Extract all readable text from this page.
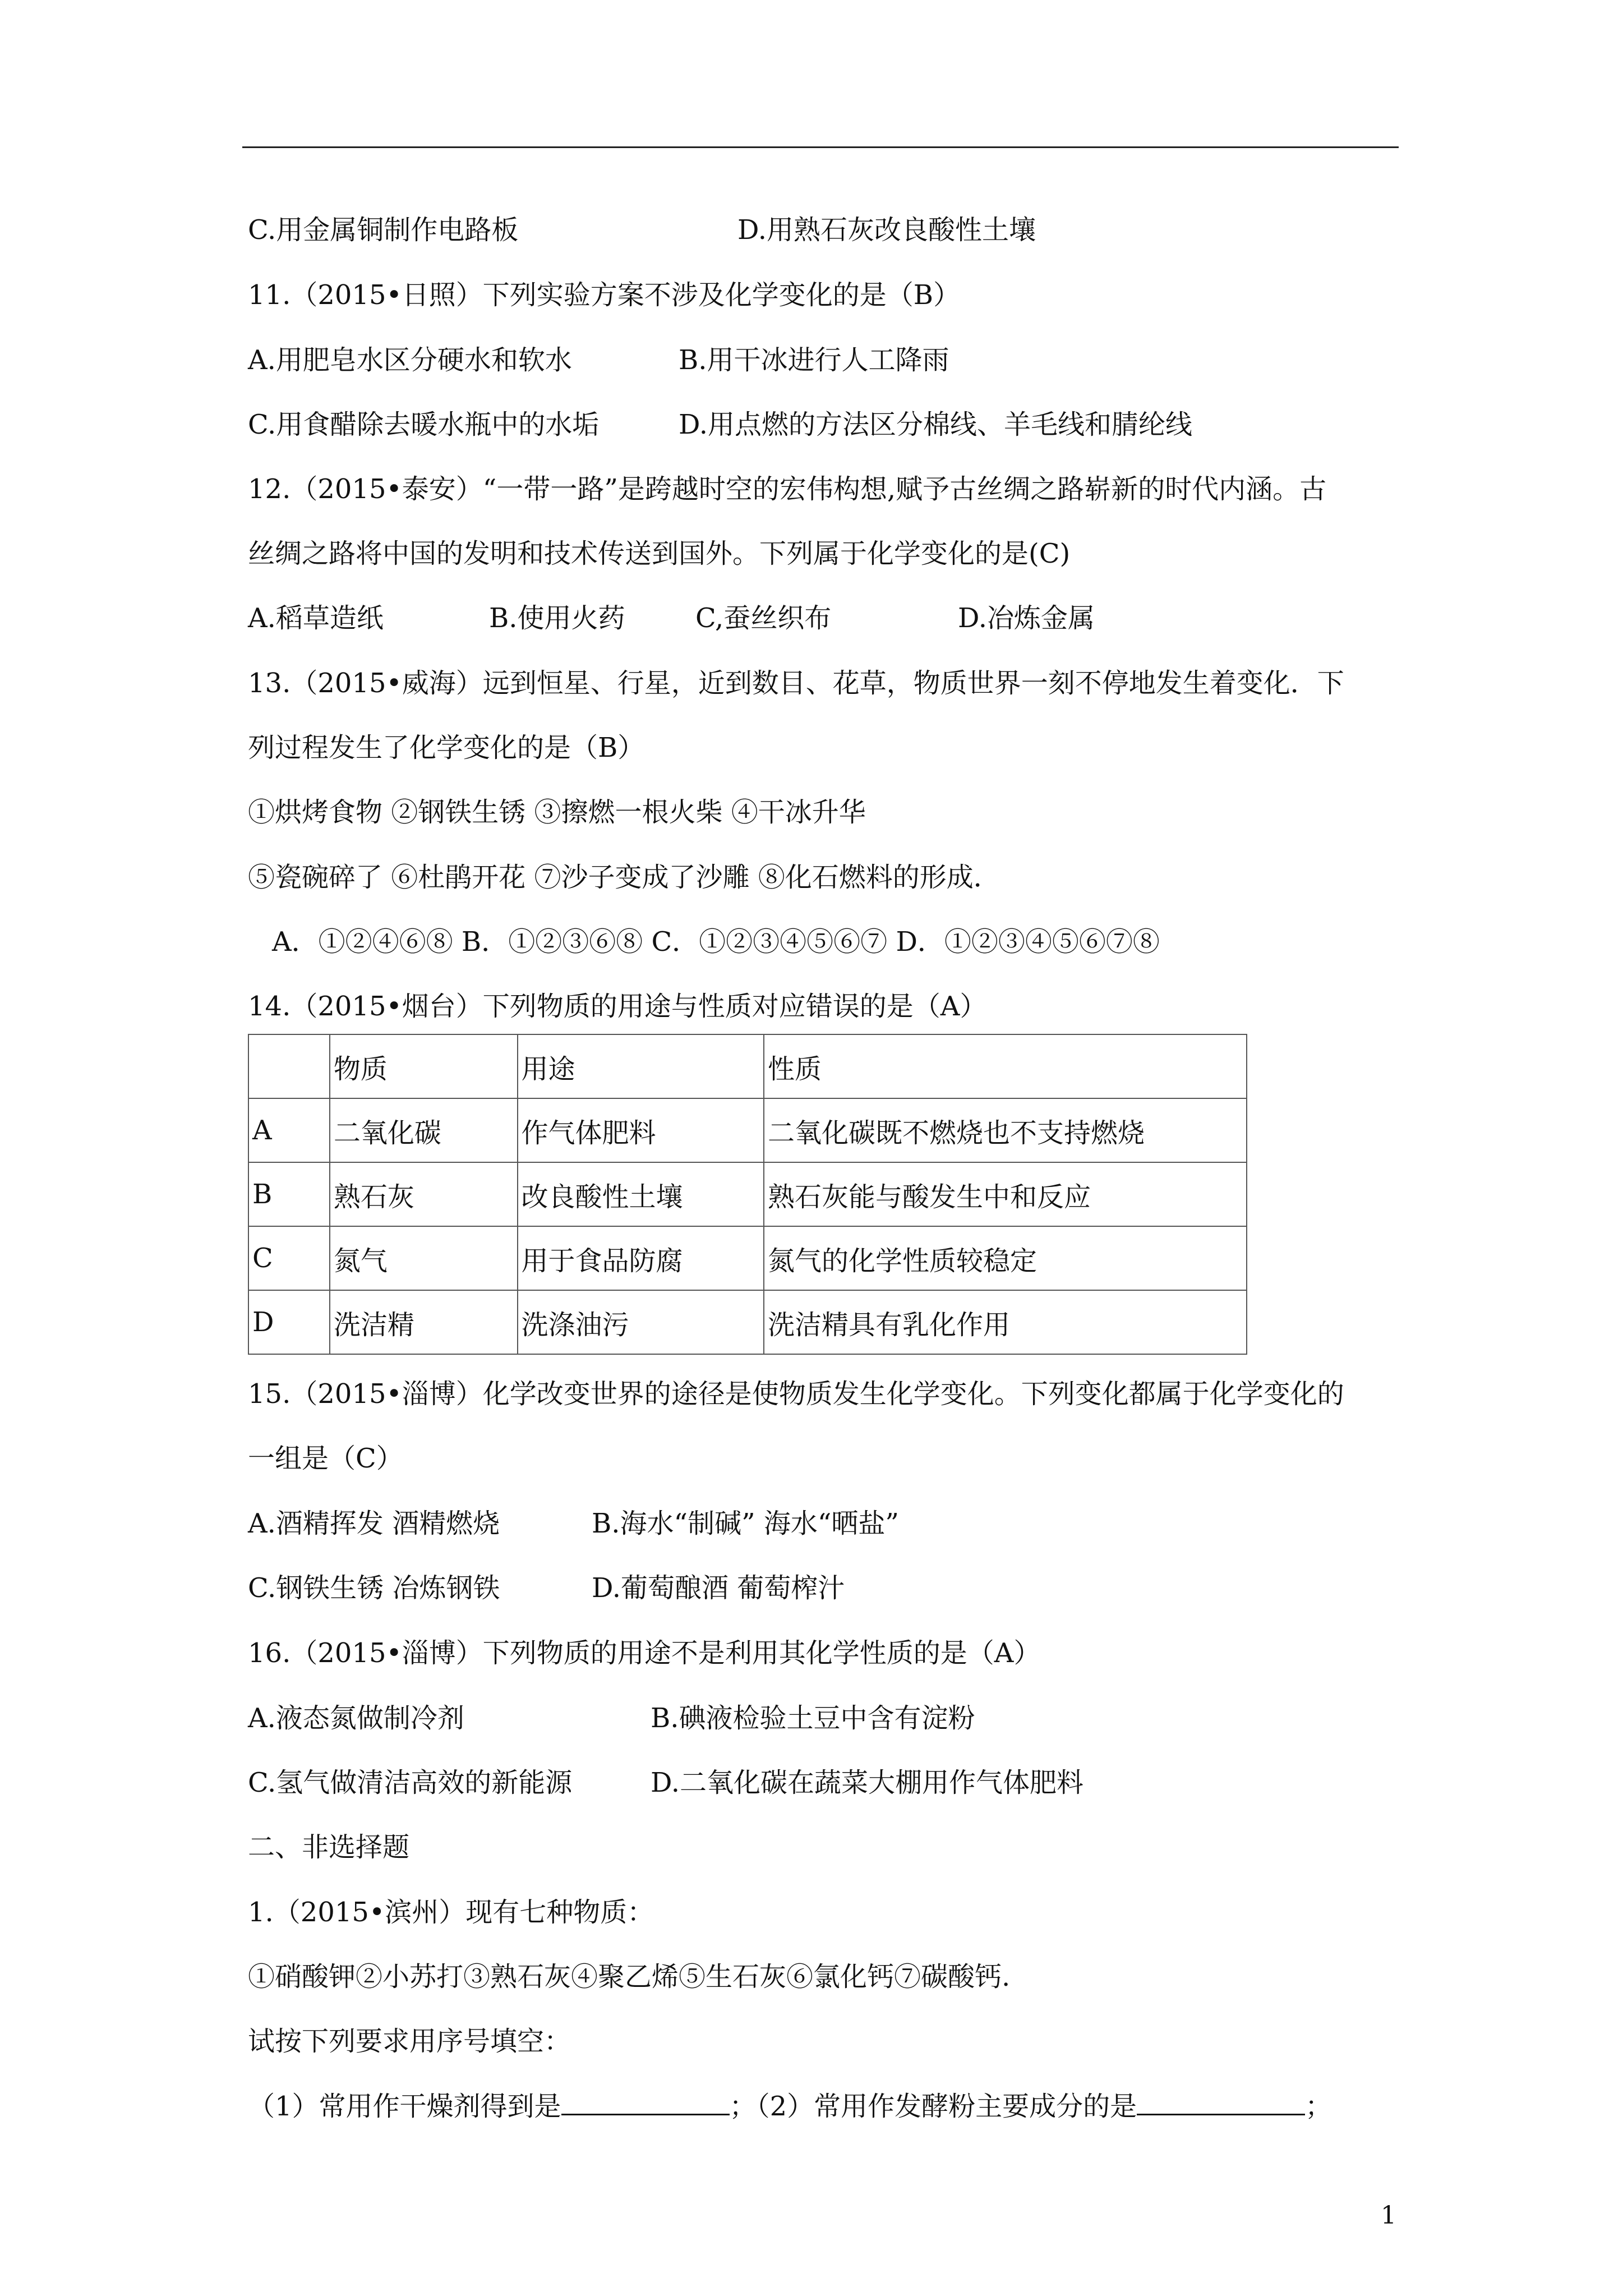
C.用金属铜制作电路板	D.用熟石灰改良酸性土壤
11.（2015•日照）下列实验方案不涉及化学变化的是（B）
A.用肥皂水区分硬水和软水	B.用干冰进行人工降雨
C.用食醋除去暖水瓶中的水垢	D.用点燃的方法区分棉线、羊毛线和腈纶线
12.（2015•泰安）“一带一路”是跨越时空的宏伟构想,赋予古丝绸之路崭新的时代内涵。古
丝绸之路将中国的发明和技术传送到国外。下列属于化学变化的是(C)
A.稻草造纸	B.使用火药	C,蚕丝织布	D.冶炼金属
13.（2015•威海）远到恒星、行星，近到数目、花草，物质世界一刻不停地发生着变化．下
列过程发生了化学变化的是（B）
①烘烤食物 ②钢铁生锈 ③擦燃一根火柴 ④干冰升华
⑤瓷碗碎了 ⑥杜鹃开花 ⑦沙子变成了沙雕 ⑧化石燃料的形成．
A．①②④⑥⑧ B．①②③⑥⑧ C．①②③④⑤⑥⑦ D．①②③④⑤⑥⑦⑧
14.（2015•烟台）下列物质的用途与性质对应错误的是（A）
	物质	用途	性质
A	二氧化碳	作气体肥料	二氧化碳既不燃烧也不支持燃烧
B	熟石灰	改良酸性土壤	熟石灰能与酸发生中和反应
C	氮气	用于食品防腐	氮气的化学性质较稳定
D	洗洁精	洗涤油污	洗洁精具有乳化作用
15.（2015•淄博）化学改变世界的途径是使物质发生化学变化。下列变化都属于化学变化的
一组是（C）
A.酒精挥发 酒精燃烧	B.海水“制碱” 海水“晒盐”
C.钢铁生锈 冶炼钢铁	D.葡萄酿酒 葡萄榨汁
16.（2015•淄博）下列物质的用途不是利用其化学性质的是（A）
A.液态氮做制冷剂	B.碘液检验土豆中含有淀粉
C.氢气做清洁高效的新能源	D.二氧化碳在蔬菜大棚用作气体肥料
二、非选择题
1.（2015•滨州）现有七种物质：
①硝酸钾②小苏打③熟石灰④聚乙烯⑤生石灰⑥氯化钙⑦碳酸钙.
试按下列要求用序号填空：
（1）常用作干燥剂得到是	；（2）常用作发酵粉主要成分的是	；
1
